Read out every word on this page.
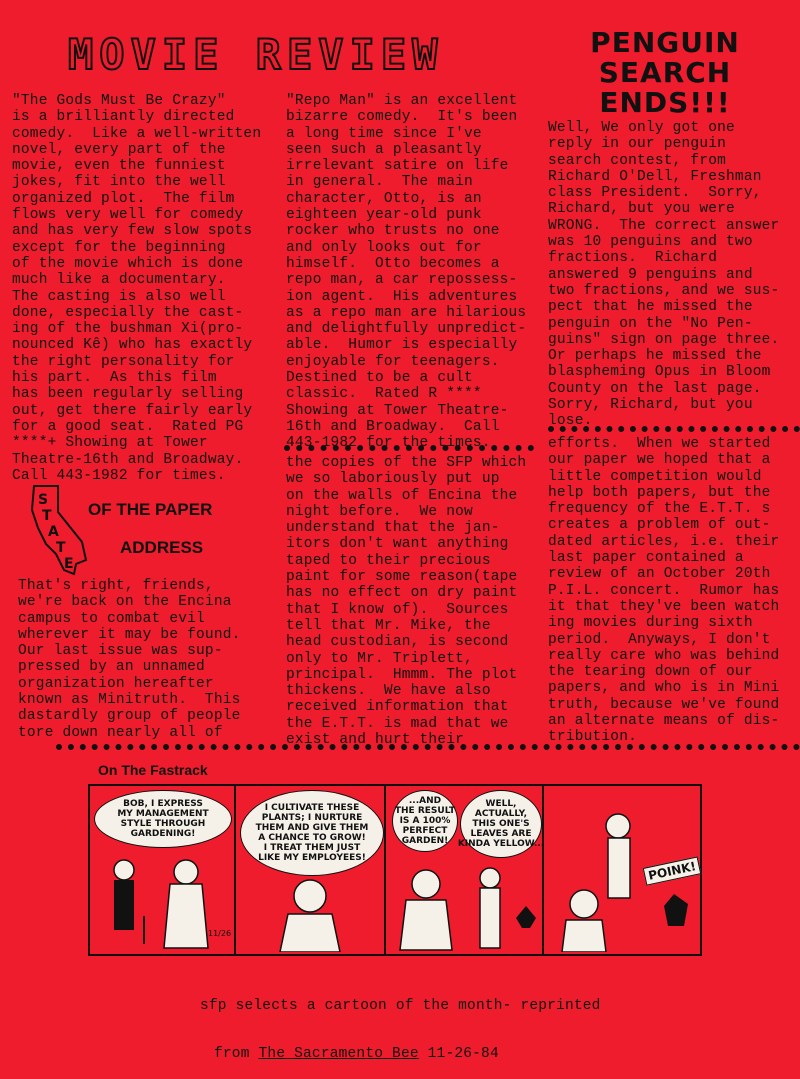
MOVIE REVIEW	PENGUIN
SEARCH
ENDS!!!
"The Gods Must Be Crazy"
is a brilliantly directed
comedy.  Like a well-written
novel, every part of the
movie, even the funniest
jokes, fit into the well
organized plot.  The film
flows very well for comedy
and has very few slow spots
except for the beginning
of the movie which is done
much like a documentary.
The casting is also well
done, especially the cast-
ing of the bushman Xi(pro-
nounced Kê) who has exactly
the right personality for
his part.  As this film
has been regularly selling
out, get there fairly early
for a good seat.  Rated PG
****+ Showing at Tower
Theatre-16th and Broadway.
Call 443-1982 for times.
"Repo Man" is an excellent
bizarre comedy.  It's been
a long time since I've
seen such a pleasantly
irrelevant satire on life
in general.  The main
character, Otto, is an
eighteen year-old punk
rocker who trusts no one
and only looks out for
himself.  Otto becomes a
repo man, a car repossess-
ion agent.  His adventures
as a repo man are hilarious
and delightfully unpredict-
able.  Humor is especially
enjoyable for teenagers.
Destined to be a cult
classic.  Rated R ****
Showing at Tower Theatre-
16th and Broadway.  Call
443-1982 for the times.
Well, We only got one
reply in our penguin
search contest, from
Richard O'Dell, Freshman
class President.  Sorry,
Richard, but you were
WRONG.  The correct answer
was 10 penguins and two
fractions.  Richard
answered 9 penguins and
two fractions, and we sus-
pect that he missed the
penguin on the "No Pen-
guins" sign on page three.
Or perhaps he missed the
blaspheming Opus in Bloom
County on the last page.
Sorry, Richard, but you
lose.
S
T
A
T
E
OF THE PAPER
ADDRESS
That's right, friends,
we're back on the Encina
campus to combat evil
wherever it may be found.
Our last issue was sup-
pressed by an unnamed
organization hereafter
known as Minitruth.  This
dastardly group of people
tore down nearly all of
the copies of the SFP which
we so laboriously put up
on the walls of Encina the
night before.  We now
understand that the jan-
itors don't want anything
taped to their precious
paint for some reason(tape
has no effect on dry paint
that I know of).  Sources
tell that Mr. Mike, the
head custodian, is second
only to Mr. Triplett,
principal.  Hmmm. The plot
thickens.  We have also
received information that
the E.T.T. is mad that we
exist and hurt their
efforts.  When we started
our paper we hoped that a
little competition would
help both papers, but the
frequency of the E.T.T. s
creates a problem of out-
dated articles, i.e. their
last paper contained a
review of an October 20th
P.I.L. concert.  Rumor has
it that they've been watch
ing movies during sixth
period.  Anyways, I don't
really care who was behind
the tearing down of our
papers, and who is in Mini
truth, because we've found
an alternate means of dis-
tribution.
On The Fastrack
BOB, I EXPRESS
MY MANAGEMENT
STYLE THROUGH
GARDENING!
11/26
I CULTIVATE THESE
PLANTS; I NURTURE
THEM AND GIVE THEM
A CHANCE TO GROW!
I TREAT THEM JUST
LIKE MY EMPLOYEES!
...AND
THE RESULT
IS A 100%
PERFECT
GARDEN!
WELL,
ACTUALLY,
THIS ONE'S
LEAVES ARE
KINDA YELLOW...
POINK!

sfp selects a cartoon of the month- reprinted

from The Sacramento Bee 11-26-84
